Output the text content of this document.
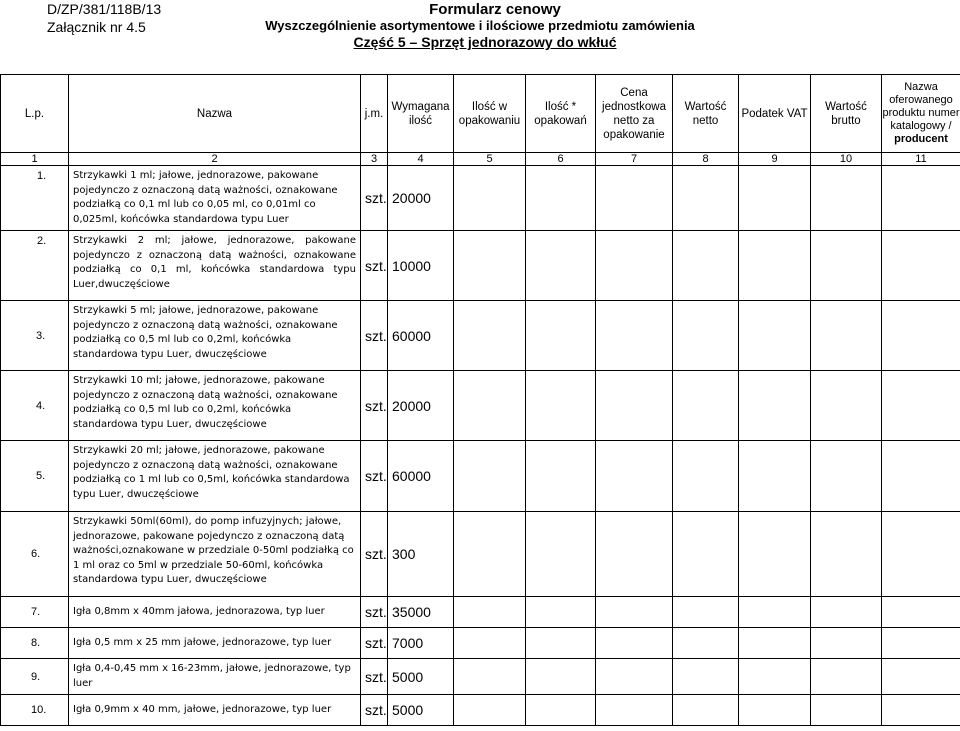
D/ZP/381/118B/13
Załącznik nr 4.5
Formularz cenowy
Wyszczególnienie asortymentowe i ilościowe przedmiotu zamówienia
Część 5 – Sprzęt jednorazowy do wkłuć
L.p.	Nazwa	j.m.	Wymagana ilość	Ilość w opakowaniu	Ilość * opakowań	Cena jednostkowa netto za opakowanie	Wartość netto	Podatek VAT	Wartość brutto	Nazwa oferowanego produktu numer katalogowy /
producent
1	2	3	4	5	6	7	8	9	10	11
1.	Strzykawki 1 ml; jałowe, jednorazowe, pakowane pojedynczo z oznaczoną datą ważności, oznakowane podziałką co 0,1 ml lub co 0,05 ml, co 0,01ml co 0,025ml, końcówka standardowa typu Luer	szt.	20000							
2.	Strzykawki 2 ml; jałowe, jednorazowe, pakowane pojedynczo z oznaczoną datą ważności, oznakowane podziałką co 0,1 ml, końcówka standardowa typu Luer,dwuczęściowe	szt.	10000							
3.	Strzykawki 5 ml; jałowe, jednorazowe, pakowane pojedynczo z oznaczoną datą ważności, oznakowane podziałką co 0,5 ml lub co 0,2ml, końcówka standardowa typu Luer, dwuczęściowe	szt.	60000							
4.	Strzykawki 10 ml; jałowe, jednorazowe, pakowane pojedynczo z oznaczoną datą ważności, oznakowane podziałką co 0,5 ml lub co 0,2ml, końcówka standardowa typu Luer, dwuczęściowe	szt.	20000							
5.	Strzykawki 20 ml; jałowe, jednorazowe, pakowane pojedynczo z oznaczoną datą ważności, oznakowane podziałką co 1 ml lub co 0,5ml, końcówka standardowa typu Luer, dwuczęściowe	szt.	60000							
6.	Strzykawki 50ml(60ml), do pomp infuzyjnych; jałowe, jednorazowe, pakowane pojedynczo z oznaczoną datą ważności,oznakowane w przedziale 0-50ml podziałką co 1 ml oraz co 5ml w przedziale 50-60ml, końcówka standardowa typu Luer, dwuczęściowe	szt.	300							
7.	Igła 0,8mm x 40mm jałowa, jednorazowa, typ luer	szt.	35000							
8.	Igła 0,5 mm x 25 mm jałowe, jednorazowe, typ luer	szt.	7000							
9.	Igła 0,4-0,45 mm x 16-23mm, jałowe, jednorazowe, typ luer	szt.	5000							
10.	Igła 0,9mm x 40 mm, jałowe, jednorazowe, typ luer	szt.	5000							
